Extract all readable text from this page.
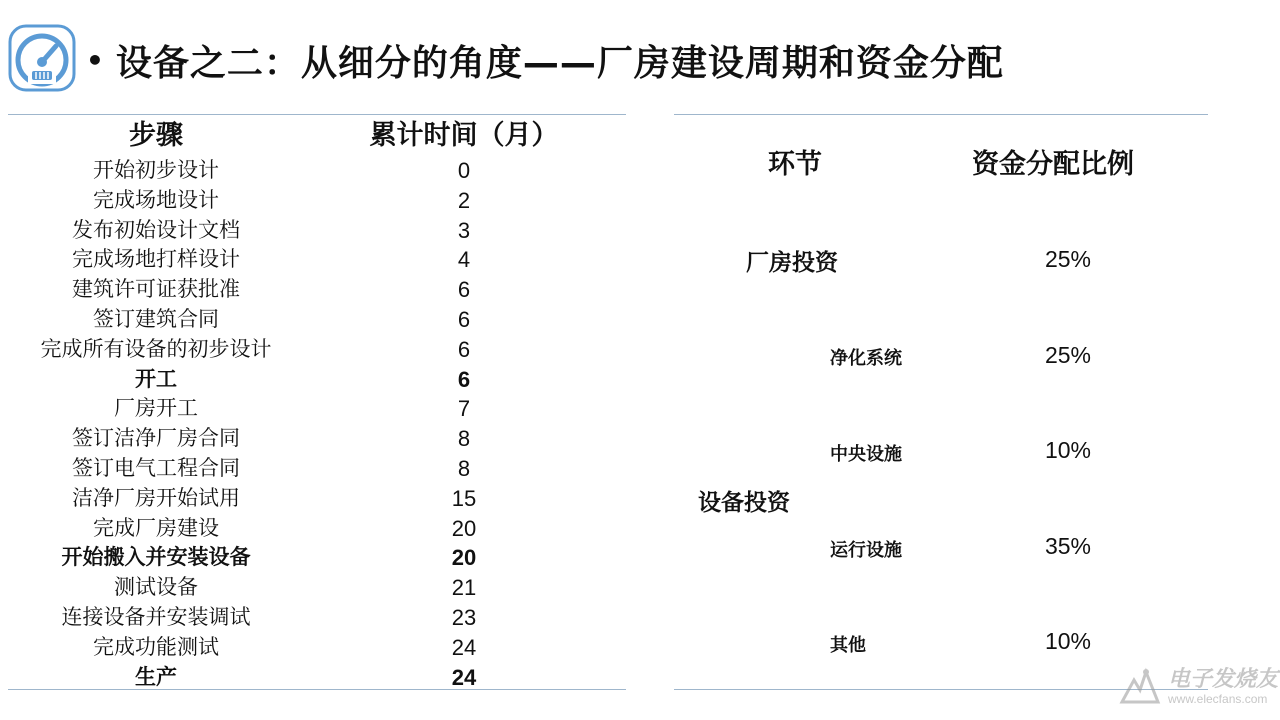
• 设备之二：从细分的角度——厂房建设周期和资金分配
步骤	累计时间（月）
开始初步设计	0
完成场地设计	2
发布初始设计文档	3
完成场地打样设计	4
建筑许可证获批准	6
签订建筑合同	6
完成所有设备的初步设计	6
开工	6
厂房开工	7
签订洁净厂房合同	8
签订电气工程合同	8
洁净厂房开始试用	15
完成厂房建设	20
开始搬入并安装设备	20
测试设备	21
连接设备并安装调试	23
完成功能测试	24
生产	24
环节	资金分配比例
厂房投资	25%
设备投资
净化系统	25%
中央设施	10%
运行设施	35%
其他	10%
电子发烧友
www.elecfans.com
